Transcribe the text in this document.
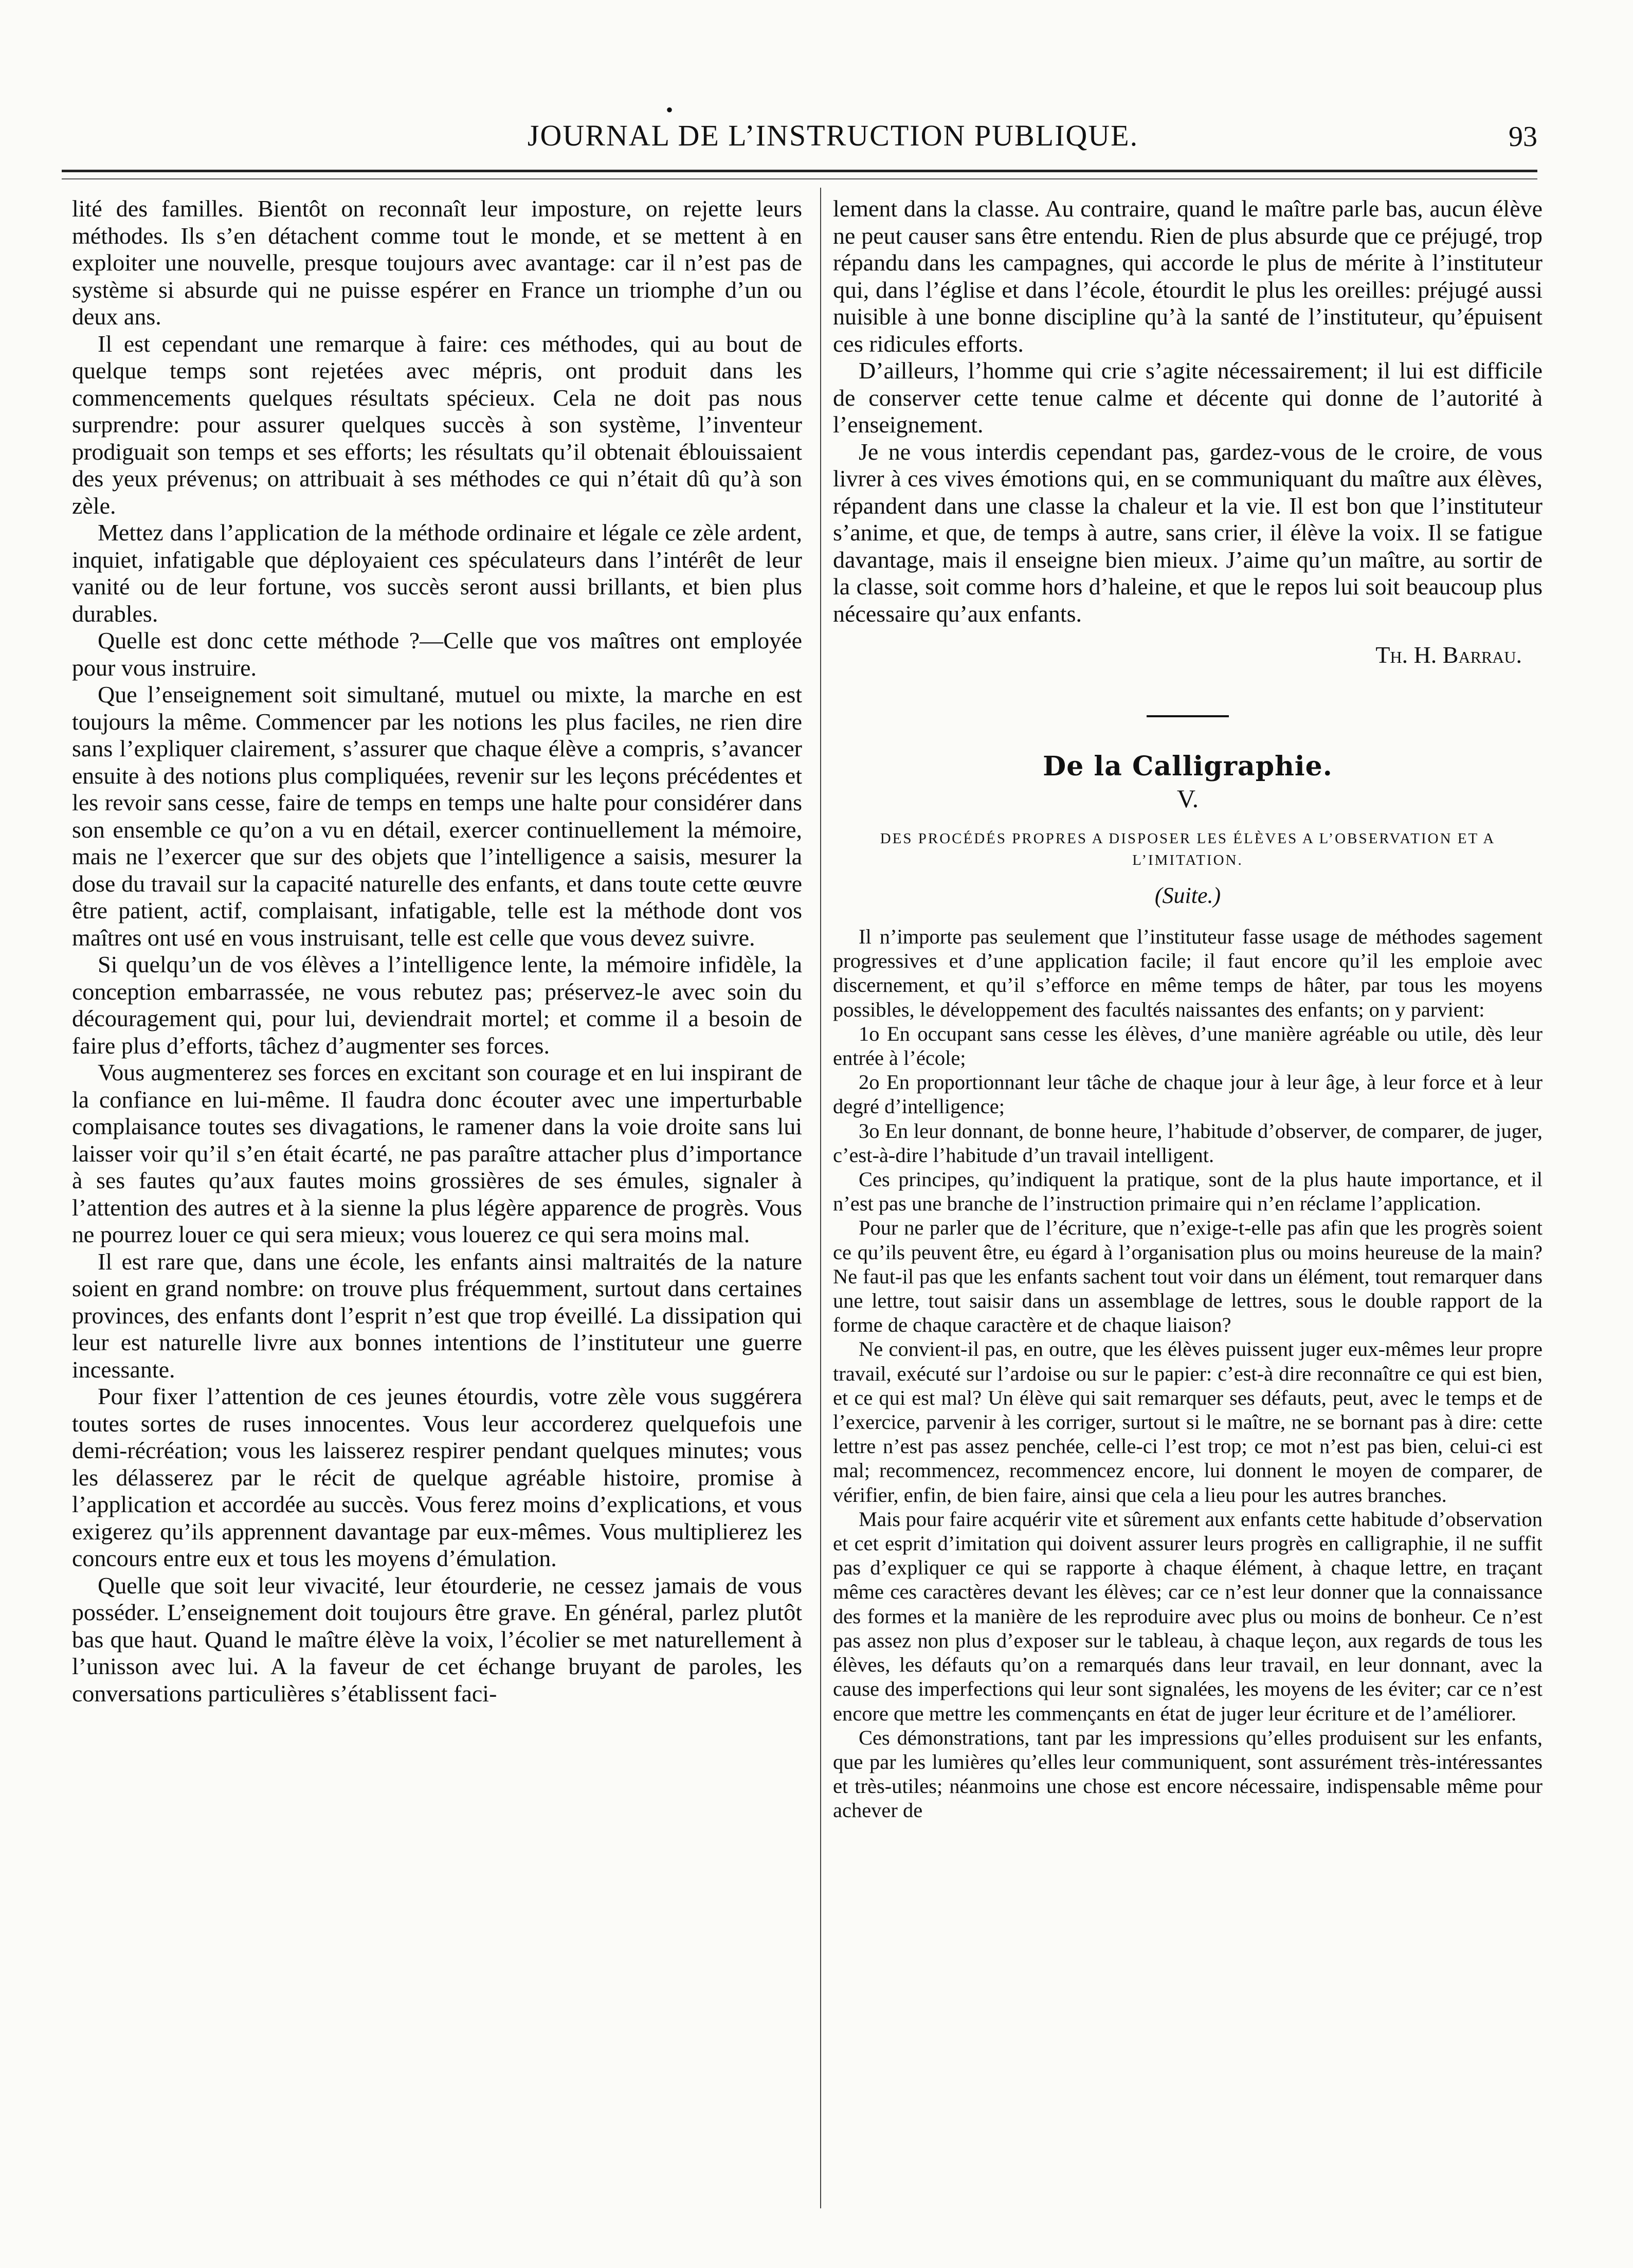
•
JOURNAL DE L’INSTRUCTION PUBLIQUE.	93

lité des familles. Bientôt on reconnaît leur imposture, on rejette leurs méthodes. Ils s’en détachent comme tout le monde, et se mettent à en exploiter une nouvelle, presque toujours avec avantage: car il n’est pas de système si absurde qui ne puisse espérer en France un triomphe d’un ou deux ans.

Il est cependant une remarque à faire: ces méthodes, qui au bout de quelque temps sont rejetées avec mépris, ont produit dans les commencements quelques résultats spécieux. Cela ne doit pas nous surprendre: pour assurer quelques succès à son système, l’inventeur prodiguait son temps et ses efforts; les résultats qu’il obtenait éblouissaient des yeux prévenus; on attribuait à ses méthodes ce qui n’était dû qu’à son zèle.

Mettez dans l’application de la méthode ordinaire et légale ce zèle ardent, inquiet, infatigable que déployaient ces spéculateurs dans l’intérêt de leur vanité ou de leur fortune, vos succès seront aussi brillants, et bien plus durables.

Quelle est donc cette méthode ?—Celle que vos maîtres ont employée pour vous instruire.

Que l’enseignement soit simultané, mutuel ou mixte, la marche en est toujours la même. Commencer par les notions les plus faciles, ne rien dire sans l’expliquer clairement, s’assurer que chaque élève a compris, s’avancer ensuite à des notions plus compliquées, revenir sur les leçons précédentes et les revoir sans cesse, faire de temps en temps une halte pour considérer dans son ensemble ce qu’on a vu en détail, exercer continuellement la mémoire, mais ne l’exercer que sur des objets que l’intelligence a saisis, mesurer la dose du travail sur la capacité naturelle des enfants, et dans toute cette œuvre être patient, actif, complaisant, infatigable, telle est la méthode dont vos maîtres ont usé en vous instruisant, telle est celle que vous devez suivre.

Si quelqu’un de vos élèves a l’intelligence lente, la mémoire infidèle, la conception embarrassée, ne vous rebutez pas; préservez-le avec soin du découragement qui, pour lui, deviendrait mortel; et comme il a besoin de faire plus d’efforts, tâchez d’augmenter ses forces.

Vous augmenterez ses forces en excitant son courage et en lui inspirant de la confiance en lui-même. Il faudra donc écouter avec une imperturbable complaisance toutes ses divagations, le ramener dans la voie droite sans lui laisser voir qu’il s’en était écarté, ne pas paraître attacher plus d’importance à ses fautes qu’aux fautes moins grossières de ses émules, signaler à l’attention des autres et à la sienne la plus légère apparence de progrès. Vous ne pourrez louer ce qui sera mieux; vous louerez ce qui sera moins mal.

Il est rare que, dans une école, les enfants ainsi maltraités de la nature soient en grand nombre: on trouve plus fréquemment, surtout dans certaines provinces, des enfants dont l’esprit n’est que trop éveillé. La dissipation qui leur est naturelle livre aux bonnes intentions de l’instituteur une guerre incessante.

Pour fixer l’attention de ces jeunes étourdis, votre zèle vous suggérera toutes sortes de ruses innocentes. Vous leur accorderez quelquefois une demi-récréation; vous les laisserez respirer pendant quelques minutes; vous les délasserez par le récit de quelque agréable histoire, promise à l’application et accordée au succès. Vous ferez moins d’explications, et vous exigerez qu’ils apprennent davantage par eux-mêmes. Vous multiplierez les concours entre eux et tous les moyens d’émulation.

Quelle que soit leur vivacité, leur étourderie, ne cessez jamais de vous posséder. L’enseignement doit toujours être grave. En général, parlez plutôt bas que haut. Quand le maître élève la voix, l’écolier se met naturellement à l’unisson avec lui. A la faveur de cet échange bruyant de paroles, les conversations particulières s’établissent faci-

lement dans la classe. Au contraire, quand le maître parle bas, aucun élève ne peut causer sans être entendu. Rien de plus absurde que ce préjugé, trop répandu dans les campagnes, qui accorde le plus de mérite à l’instituteur qui, dans l’église et dans l’école, étourdit le plus les oreilles: préjugé aussi nuisible à une bonne discipline qu’à la santé de l’instituteur, qu’épuisent ces ridicules efforts.

D’ailleurs, l’homme qui crie s’agite nécessairement; il lui est difficile de conserver cette tenue calme et décente qui donne de l’autorité à l’enseignement.

Je ne vous interdis cependant pas, gardez-vous de le croire, de vous livrer à ces vives émotions qui, en se communiquant du maître aux élèves, répandent dans une classe la chaleur et la vie. Il est bon que l’instituteur s’anime, et que, de temps à autre, sans crier, il élève la voix. Il se fatigue davantage, mais il enseigne bien mieux. J’aime qu’un maître, au sortir de la classe, soit comme hors d’haleine, et que le repos lui soit beaucoup plus nécessaire qu’aux enfants.

Th. H. Barrau.
De la Calligraphie.
V.
DES PROCÉDÉS PROPRES A DISPOSER LES ÉLÈVES A L’OBSERVATION ET A L’IMITATION.
(Suite.)

Il n’importe pas seulement que l’instituteur fasse usage de méthodes sagement progressives et d’une application facile; il faut encore qu’il les emploie avec discernement, et qu’il s’efforce en même temps de hâter, par tous les moyens possibles, le développement des facultés naissantes des enfants; on y parvient:

1o En occupant sans cesse les élèves, d’une manière agréable ou utile, dès leur entrée à l’école;

2o En proportionnant leur tâche de chaque jour à leur âge, à leur force et à leur degré d’intelligence;

3o En leur donnant, de bonne heure, l’habitude d’observer, de comparer, de juger, c’est-à-dire l’habitude d’un travail intelligent.

Ces principes, qu’indiquent la pratique, sont de la plus haute importance, et il n’est pas une branche de l’instruction primaire qui n’en réclame l’application.

Pour ne parler que de l’écriture, que n’exige-t-elle pas afin que les progrès soient ce qu’ils peuvent être, eu égard à l’organisation plus ou moins heureuse de la main? Ne faut-il pas que les enfants sachent tout voir dans un élément, tout remarquer dans une lettre, tout saisir dans un assemblage de lettres, sous le double rapport de la forme de chaque caractère et de chaque liaison?

Ne convient-il pas, en outre, que les élèves puissent juger eux-mêmes leur propre travail, exécuté sur l’ardoise ou sur le papier: c’est-à dire reconnaître ce qui est bien, et ce qui est mal? Un élève qui sait remarquer ses défauts, peut, avec le temps et de l’exercice, parvenir à les corriger, surtout si le maître, ne se bornant pas à dire: cette lettre n’est pas assez penchée, celle-ci l’est trop; ce mot n’est pas bien, celui-ci est mal; recommencez, recommencez encore, lui donnent le moyen de comparer, de vérifier, enfin, de bien faire, ainsi que cela a lieu pour les autres branches.

Mais pour faire acquérir vite et sûrement aux enfants cette habitude d’observation et cet esprit d’imitation qui doivent assurer leurs progrès en calligraphie, il ne suffit pas d’expliquer ce qui se rapporte à chaque élément, à chaque lettre, en traçant même ces caractères devant les élèves; car ce n’est leur donner que la connaissance des formes et la manière de les reproduire avec plus ou moins de bonheur. Ce n’est pas assez non plus d’exposer sur le tableau, à chaque leçon, aux regards de tous les élèves, les défauts qu’on a remarqués dans leur travail, en leur donnant, avec la cause des imperfections qui leur sont signalées, les moyens de les éviter; car ce n’est encore que mettre les commençants en état de juger leur écriture et de l’améliorer.

Ces démonstrations, tant par les impressions qu’elles produisent sur les enfants, que par les lumières qu’elles leur communiquent, sont assurément très-intéressantes et très-utiles; néanmoins une chose est encore nécessaire, indispensable même pour achever de
